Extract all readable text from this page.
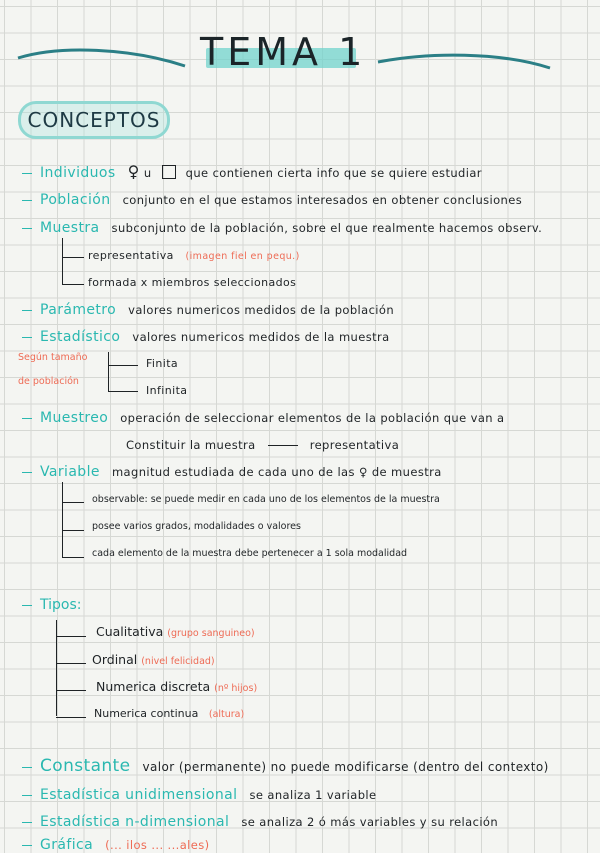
TEMA 1
CONCEPTOS
Individuos ♀ u	que contienen cierta info que se quiere estudiar
Población conjunto en el que estamos interesados en obtener conclusiones
Muestra subconjunto de la población, sobre el que realmente hacemos observ.
representativa (imagen fiel en pequ.)
formada x miembros seleccionados
Parámetro valores numericos medidos de la población
Estadístico valores numericos medidos de la muestra
Según tamaño
de población
Finita
Infinita
Muestreo operación de seleccionar elementos de la población que van a
Constituir la muestra	representativa
Variable magnitud estudiada de cada uno de las ♀ de muestra
observable: se puede medir en cada uno de los elementos de la muestra
posee varios grados, modalidades o valores
cada elemento de la muestra debe pertenecer a 1 sola modalidad
Tipos:
Cualitativa (grupo sanguineo)
Ordinal (nivel felicidad)
Numerica discreta (nº hijos)
Numerica continua (altura)
Constante valor (permanente) no puede modificarse (dentro del contexto)
Estadística unidimensional se analiza 1 variable
Estadística n-dimensional se analiza 2 ó más variables y su relación
Gráfica (... ilos ... ...ales)
